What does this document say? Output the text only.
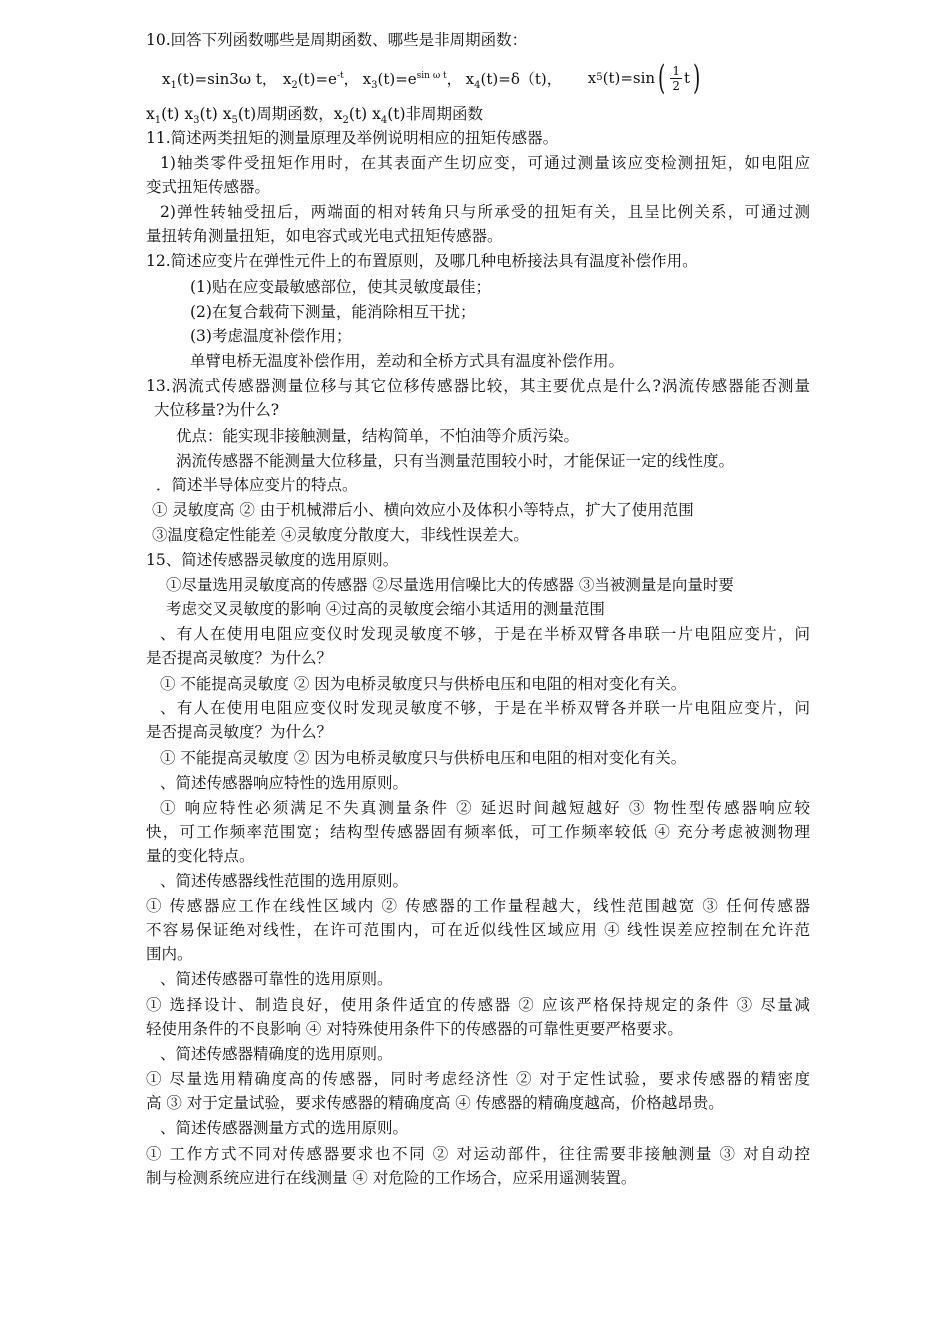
10.回答下列函数哪些是周期函数、哪些是非周期函数：
$x_1(t)=\sin 3\omega$ t， $x_2(t)=e^{-t}$， $x_3(t)=e^{sin \omega t}$， $x_4(t)=\delta(t)$， x 5 (t)= sin ( $\frac{1}{2}$ t )
$x_1(t)$ $x_3(t)$ $x_5(t)$周期函数，$x_2(t)$ $x_4(t)$非周期函数
11.简述两类扭矩的测量原理及举例说明相应的扭矩传感器。
1)轴类零件受扭矩作用时，在其表面产生切应变，可通过测量该应变检测扭矩，如电阻应
变式扭矩传感器。
2)弹性转轴受扭后，两端面的相对转角只与所承受的扭矩有关，且呈比例关系，可通过测
量扭转角测量扭矩，如电容式或光电式扭矩传感器。
12.简述应变片在弹性元件上的布置原则，及哪几种电桥接法具有温度补偿作用。
(1)贴在应变最敏感部位，使其灵敏度最佳；
(2)在复合载荷下测量，能消除相互干扰；
(3)考虑温度补偿作用；
单臂电桥无温度补偿作用，差动和全桥方式具有温度补偿作用。
13.涡流式传感器测量位移与其它位移传感器比较，其主要优点是什么?涡流传感器能否测量
大位移量?为什么?
优点：能实现非接触测量，结构简单，不怕油等介质污染。
涡流传感器不能测量大位移量，只有当测量范围较小时，才能保证一定的线性度。
．简述半导体应变片的特点。
① 灵敏度高 ② 由于机械滞后小、横向效应小及体积小等特点，扩大了使用范围
③温度稳定性能差 ④灵敏度分散度大，非线性误差大。
15、简述传感器灵敏度的选用原则。
①尽量选用灵敏度高的传感器 ②尽量选用信噪比大的传感器 ③当被测量是向量时要
考虑交叉灵敏度的影响 ④过高的灵敏度会缩小其适用的测量范围
、有人在使用电阻应变仪时发现灵敏度不够，于是在半桥双臂各串联一片电阻应变片，问
是否提高灵敏度？为什么？
① 不能提高灵敏度 ② 因为电桥灵敏度只与供桥电压和电阻的相对变化有关。
、有人在使用电阻应变仪时发现灵敏度不够，于是在半桥双臂各并联一片电阻应变片，问
是否提高灵敏度？为什么？
① 不能提高灵敏度 ② 因为电桥灵敏度只与供桥电压和电阻的相对变化有关。
、简述传感器响应特性的选用原则。
① 响应特性必须满足不失真测量条件 ② 延迟时间越短越好 ③ 物性型传感器响应较
快，可工作频率范围宽；结构型传感器固有频率低，可工作频率较低 ④ 充分考虑被测物理
量的变化特点。
、简述传感器线性范围的选用原则。
① 传感器应工作在线性区域内 ② 传感器的工作量程越大，线性范围越宽 ③ 任何传感器
不容易保证绝对线性，在许可范围内，可在近似线性区域应用 ④ 线性误差应控制在允许范
围内。
、简述传感器可靠性的选用原则。
① 选择设计、制造良好，使用条件适宜的传感器 ② 应该严格保持规定的条件 ③ 尽量减
轻使用条件的不良影响 ④ 对特殊使用条件下的传感器的可靠性更要严格要求。
、简述传感器精确度的选用原则。
① 尽量选用精确度高的传感器，同时考虑经济性 ② 对于定性试验，要求传感器的精密度
高 ③ 对于定量试验，要求传感器的精确度高 ④ 传感器的精确度越高，价格越昂贵。
、简述传感器测量方式的选用原则。
① 工作方式不同对传感器要求也不同 ② 对运动部件，往往需要非接触测量 ③ 对自动控
制与检测系统应进行在线测量 ④ 对危险的工作场合，应采用遥测装置。
